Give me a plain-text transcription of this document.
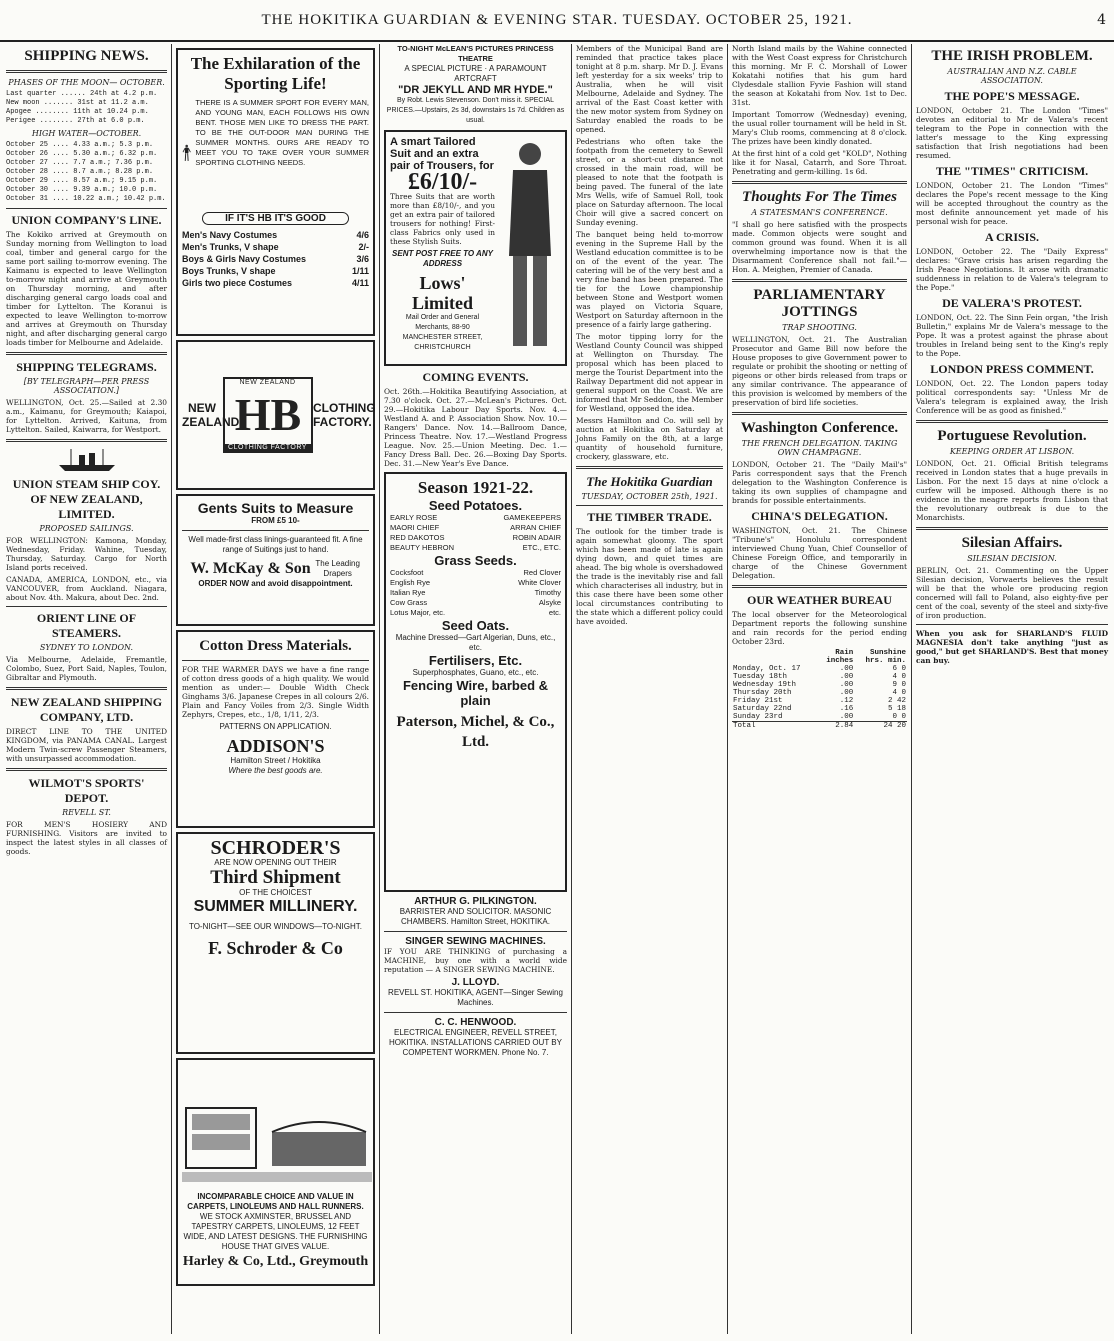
THE HOKITIKA GUARDIAN & EVENING STAR. TUESDAY. OCTOBER 25, 1921.	4
SHIPPING NEWS.
PHASES OF THE MOON— OCTOBER.
Last quarter ...... 24th at 4.2 p.m.
New moon ....... 31st at 11.2 a.m.
Apogee ........ 11th at 10.24 p.m.
Perigee ........ 27th at 6.0 p.m.
HIGH WATER—OCTOBER.
October 25 .... 4.33 a.m.; 5.3 p.m.
October 26 .... 5.30 a.m.; 6.32 p.m.
October 27 .... 7.7 a.m.; 7.36 p.m.
October 28 .... 8.7 a.m.; 8.28 p.m.
October 29 .... 8.57 a.m.; 9.15 p.m.
October 30 .... 9.39 a.m.; 10.0 p.m.
October 31 .... 10.22 a.m.; 10.42 p.m.
UNION COMPANY'S LINE.

The Kokiko arrived at Greymouth on Sunday morning from Wellington to load coal, timber and general cargo for the same port sailing to-morrow evening. The Kaimanu is expected to leave Wellington to-morrow night and arrive at Greymouth on Thursday morning, and after discharging general cargo loads coal and timber for Lyttelton. The Koranui is expected to leave Wellington to-morrow and arrives at Greymouth on Thursday night, and after discharging general cargo loads timber for Melbourne and Adelaide.

SHIPPING TELEGRAMS.
[BY TELEGRAPH—PER PRESS ASSOCIATION.]

WELLINGTON, Oct. 25.—Sailed at 2.30 a.m., Kaimanu, for Greymouth; Kaiapoi, for Lyttelton. Arrived, Kaituna, from Lyttelton. Sailed, Kaiwarra, for Westport.

UNION STEAM SHIP COY. OF NEW ZEALAND, LIMITED.
PROPOSED SAILINGS.

FOR WELLINGTON: Kamona, Monday, Wednesday, Friday. Wahine, Tuesday, Thursday, Saturday. Cargo for North Island ports received.

CANADA, AMERICA, LONDON, etc., via VANCOUVER, from Auckland. Niagara, about Nov. 4th. Makura, about Dec. 2nd.

ORIENT LINE OF STEAMERS.
SYDNEY TO LONDON.

Via Melbourne, Adelaide, Fremantle, Colombo, Suez, Port Said, Naples, Toulon, Gibraltar and Plymouth.

NEW ZEALAND SHIPPING COMPANY, LTD.

DIRECT LINE TO THE UNITED KINGDOM, via PANAMA CANAL. Largest Modern Twin-screw Passenger Steamers, with unsurpassed accommodation.

WILMOT'S SPORTS' DEPOT.
REVELL ST.

FOR MEN'S HOSIERY AND FURNISHING. Visitors are invited to inspect the latest styles in all classes of goods.

The Exhilaration of the Sporting Life!
THERE IS A SUMMER SPORT FOR EVERY MAN, AND YOUNG MAN, EACH FOLLOWS HIS OWN BENT. THOSE MEN LIKE TO DRESS THE PART. TO BE THE OUT-DOOR MAN DURING THE SUMMER MONTHS. OURS ARE READY TO MEET YOU TO TAKE OVER YOUR SUMMER SPORTING CLOTHING NEEDS.
IF IT'S HB IT'S GOOD
Men's Navy Costumes	4/6
Men's Trunks, V shape	2/-
Boys & Girls Navy Costumes	3/6
Boys Trunks, V shape	1/11
Girls two piece Costumes	4/11
NEW ZEALAND
NEW ZEALAND
HB
CLOTHING FACTORY
CLOTHING FACTORY.
Gents Suits to Measure
FROM £5 10-
Well made-first class linings-guaranteed fit. A fine range of Suitings just to hand.
W. McKay & Son The Leading Drapers
ORDER NOW and avoid disappointment.
Cotton Dress Materials.

FOR THE WARMER DAYS we have a fine range of cotton dress goods of a high quality. We would mention as under:— Double Width Check Ginghams 3/6. Japanese Crepes in all colours 2/6. Plain and Fancy Voiles from 2/3. Single Width Zephyrs, Crepes, etc., 1/8, 1/11, 2/3.

PATTERNS ON APPLICATION.
ADDISON'S
Hamilton Street / Hokitika
Where the best goods are.
SCHRODER'S
ARE NOW OPENING OUT THEIR
Third Shipment
OF THE CHOICEST
SUMMER MILLINERY.
TO-NIGHT—SEE OUR WINDOWS—TO-NIGHT.
F. Schroder & Co
INCOMPARABLE CHOICE AND VALUE IN CARPETS, LINOLEUMS AND HALL RUNNERS.
WE STOCK AXMINSTER, BRUSSEL AND TAPESTRY CARPETS, LINOLEUMS, 12 FEET WIDE, AND LATEST DESIGNS. THE FURNISHING HOUSE THAT GIVES VALUE.
Harley & Co, Ltd., Greymouth
TO-NIGHT McLEAN'S PICTURES PRINCESS THEATRE
A SPECIAL PICTURE · A PARAMOUNT ARTCRAFT
"DR JEKYLL AND MR HYDE."
By Robt. Lewis Stevenson. Don't miss it. SPECIAL PRICES.—Upstairs, 2s 3d, downstairs 1s 7d. Children as usual.
A smart Tailored Suit and an extra pair of Trousers, for
£6/10/-

Three Suits that are worth more than £8/10/-, and you get an extra pair of tailored trousers for nothing! First-class Fabrics only used in these Stylish Suits.

SENT POST FREE TO ANY ADDRESS
Lows' Limited
Mail Order and General Merchants, 88-90 MANCHESTER STREET, CHRISTCHURCH
COMING EVENTS.

Oct. 26th.—Hokitika Beautifying Association, at 7.30 o'clock. Oct. 27.—McLean's Pictures. Oct. 29.—Hokitika Labour Day Sports. Nov. 4.—Westland A. and P. Association Show. Nov. 10.—Rangers' Dance. Nov. 14.—Ballroom Dance, Princess Theatre. Nov. 17.—Westland Progress League. Nov. 25.—Union Meeting. Dec. 1.—Fancy Dress Ball. Dec. 26.—Boxing Day Sports. Dec. 31.—New Year's Eve Dance.

Season 1921-22.
Seed Potatoes.
EARLY ROSE	GAMEKEEPERS
MAORI CHIEF	ARRAN CHIEF
RED DAKOTOS	ROBIN ADAIR
BEAUTY HEBRON	ETC., ETC.
Grass Seeds.
Cocksfoot	Red Clover
English Rye	White Clover
Italian Rye	Timothy
Cow Grass	Alsyke
Lotus Major, etc.	etc.
Seed Oats.
Machine Dressed—Gart Algerian, Duns, etc., etc.
Fertilisers, Etc.
Superphosphates, Guano, etc., etc.
Fencing Wire, barbed & plain
Paterson, Michel, & Co., Ltd.
ARTHUR G. PILKINGTON.
BARRISTER AND SOLICITOR. MASONIC CHAMBERS. Hamilton Street, HOKITIKA.
SINGER SEWING MACHINES.

IF YOU ARE THINKING of purchasing a MACHINE, buy one with a world wide reputation — A SINGER SEWING MACHINE.

J. LLOYD.
REVELL ST. HOKITIKA, AGENT—Singer Sewing Machines.
C. C. HENWOOD.
ELECTRICAL ENGINEER, REVELL STREET, HOKITIKA. INSTALLATIONS CARRIED OUT BY COMPETENT WORKMEN. Phone No. 7.

Members of the Municipal Band are reminded that practice takes place tonight at 8 p.m. sharp. Mr D. J. Evans left yesterday for a six weeks' trip to Australia, when he will visit Melbourne, Adelaide and Sydney. The arrival of the East Coast ketter with the new motor system from Sydney on Saturday enabled the roads to be opened.

Pedestrians who often take the footpath from the cemetery to Sewell street, or a short-cut distance not crossed in the main road, will be pleased to note that the footpath is being paved. The funeral of the late Mrs Wells, wife of Samuel Roll, took place on Saturday afternoon. The local Choir will give a sacred concert on Sunday evening.

The banquet being held to-morrow evening in the Supreme Hall by the Westland education committee is to be on of the event of the year. The catering will be of the very best and a very fine band has been prepared. The tie for the Lowe championship between Stone and Westport women was played on Victoria Square, Westport on Saturday afternoon in the presence of a fairly large gathering.

The motor tipping lorry for the Westland County Council was shipped at Wellington on Thursday. The proposal which has been placed to merge the Tourist Department into the Railway Department did not appear in general support on the Coast. We are informed that Mr Seddon, the Member for Westland, opposed the idea.

Messrs Hamilton and Co. will sell by auction at Hokitika on Saturday at Johns Family on the 8th, at a large quantity of household furniture, crockery, glassware, etc.

The Hokitika Guardian
TUESDAY, OCTOBER 25th, 1921.
THE TIMBER TRADE.

The outlook for the timber trade is again somewhat gloomy. The sport which has been made of late is again dying down, and quiet times are ahead. The big whole is overshadowed the trade is the inevitably rise and fall which characterises all industry, but in this case there have been some other local circumstances contributing to the state which a different policy could have avoided.

North Island mails by the Wahine connected with the West Coast express for Christchurch this morning. Mr F. C. Morshall of Lower Kokatahi notifies that his gum hard Clydesdale stallion Fyvie Fashion will stand the season at Kokatahi from Nov. 1st to Dec. 31st.

Important Tomorrow (Wednesday) evening, the usual roller tournament will be held in St. Mary's Club rooms, commencing at 8 o'clock. The prizes have been kindly donated.

At the first hint of a cold get "KOLD", Nothing like it for Nasal, Catarrh, and Sore Throat. Penetrating and germ-killing. 1s 6d.

Thoughts For The Times
A STATESMAN'S CONFERENCE.

"I shall go here satisfied with the prospects made. Common objects were sought and common ground was found. When it is all overwhelming importance now is that the Disarmament Conference shall not fail."—Hon. A. Meighen, Premier of Canada.

PARLIAMENTARY JOTTINGS
TRAP SHOOTING.

WELLINGTON, Oct. 21. The Australian Prosecutor and Game Bill now before the House proposes to give Government power to regulate or prohibit the shooting or netting of pigeons or other birds released from traps or any similar contrivance. The appearance of this provision is welcomed by members of the preservation of bird life societies.

Washington Conference.
THE FRENCH DELEGATION. TAKING OWN CHAMPAGNE.

LONDON, October 21. The "Daily Mail's" Paris correspondent says that the French delegation to the Washington Conference is taking its own supplies of champagne and brands for possible entertainments.

CHINA'S DELEGATION.

WASHINGTON, Oct. 21. The Chinese "Tribune's" Honolulu correspondent interviewed Chung Yuan, Chief Counsellor of Chinese Foreign Office, and temporarily in charge of the Chinese Government Delegation.

OUR WEATHER BUREAU

The local observer for the Meteorological Department reports the following sunshine and rain records for the period ending October 23rd.

	Rain	Sunshine
	inches	hrs. min.
Monday, Oct. 17	.00	6 0
Tuesday 18th	.00	4 0
Wednesday 19th	.00	9 0
Thursday 20th	.00	4 0
Friday 21st	.12	2 42
Saturday 22nd	.16	5 18
Sunday 23rd	.00	0 0
Total	2.84	24 20
THE IRISH PROBLEM.
AUSTRALIAN AND N.Z. CABLE ASSOCIATION.
THE POPE'S MESSAGE.

LONDON, October 21. The London "Times" devotes an editorial to Mr de Valera's recent telegram to the Pope in connection with the latter's message to the King expressing satisfaction that Irish negotiations had been resumed.

THE "TIMES" CRITICISM.

LONDON, October 21. The London "Times" declares the Pope's recent message to the King will be accepted throughout the country as the most definite announcement yet made of his personal wish for peace.

A CRISIS.

LONDON, October 22. The "Daily Express" declares: "Grave crisis has arisen regarding the Irish Peace Negotiations. It arose with dramatic suddenness in relation to de Valera's telegram to the Pope."

DE VALERA'S PROTEST.

LONDON, Oct. 22. The Sinn Fein organ, "the Irish Bulletin," explains Mr de Valera's message to the Pope. It was a protest against the phrase about troubles in Ireland being sent to the King's reply to the Pope.

LONDON PRESS COMMENT.

LONDON, Oct. 22. The London papers today political correspondents say: "Unless Mr de Valera's telegram is explained away, the Irish Conference will be as good as finished."

Portuguese Revolution.
KEEPING ORDER AT LISBON.

LONDON, Oct. 21. Official British telegrams received in London states that a huge prevails in Lisbon. For the next 15 days at nine o'clock a curfew will be imposed. Although there is no evidence in the meagre reports from Lisbon that the revolutionary outbreak is due to the Monarchists.

Silesian Affairs.
SILESIAN DECISION.

BERLIN, Oct. 21. Commenting on the Upper Silesian decision, Vorwaerts believes the result will be that the whole ore producing region concerned will fall to Poland, also eighty-five per cent of the coal, seventy of the steel and sixty-five of iron production.

When you ask for SHARLAND'S FLUID MAGNESIA don't take anything "just as good," but get SHARLAND'S. Best that money can buy.
